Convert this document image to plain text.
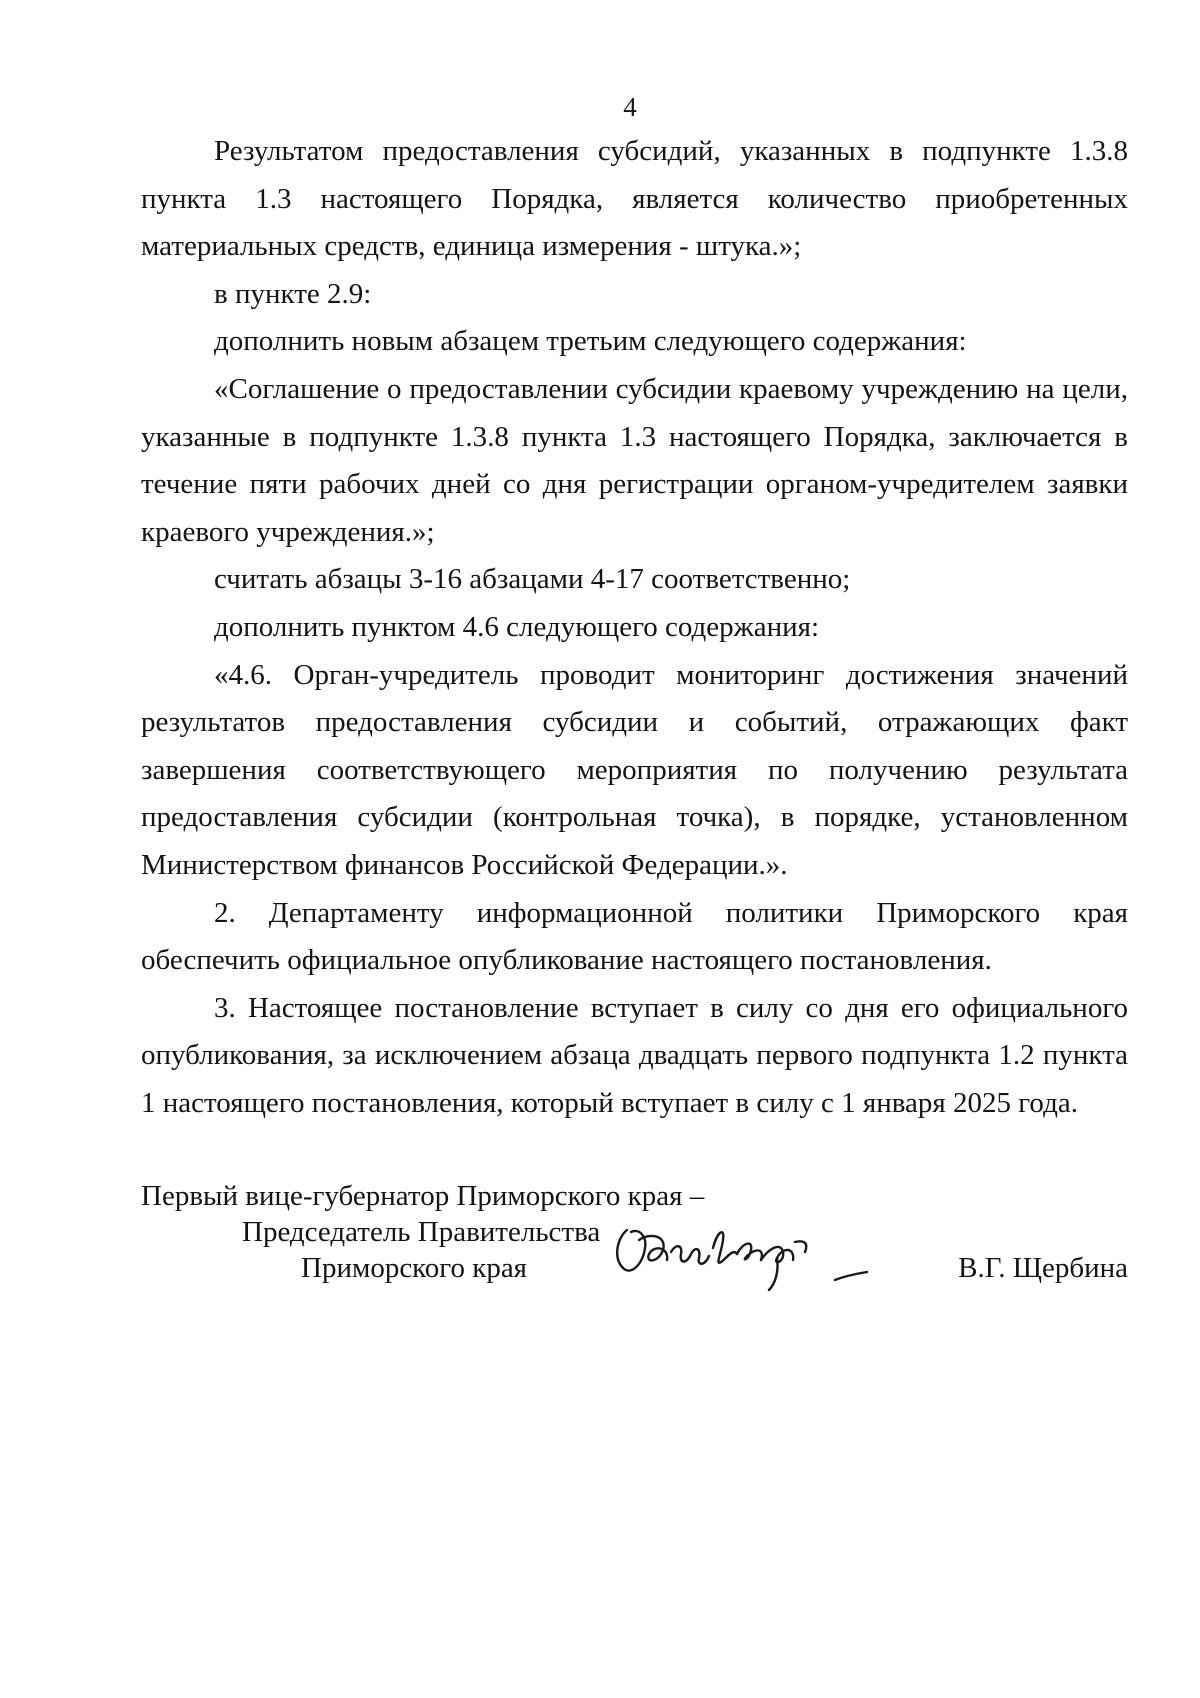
4

Результатом предоставления субсидий, указанных в подпункте 1.3.8 пункта 1.3 настоящего Порядка, является количество приобретенных материальных средств, единица измерения - штука.»;

в пункте 2.9:

дополнить новым абзацем третьим следующего содержания:

«Соглашение о предоставлении субсидии краевому учреждению на цели, указанные в подпункте 1.3.8 пункта 1.3 настоящего Порядка, заключается в течение пяти рабочих дней со дня регистрации органом-учредителем заявки краевого учреждения.»;

считать абзацы 3-16 абзацами 4-17 соответственно;

дополнить пунктом 4.6 следующего содержания:

«4.6. Орган-учредитель проводит мониторинг достижения значений результатов предоставления субсидии и событий, отражающих факт завершения соответствующего мероприятия по получению результата предоставления субсидии (контрольная точка), в порядке, установленном Министерством финансов Российской Федерации.».

2. Департаменту информационной политики Приморского края обеспечить официальное опубликование настоящего постановления.

3. Настоящее постановление вступает в силу со дня его официального опубликования, за исключением абзаца двадцать первого подпункта 1.2 пункта 1 настоящего постановления, который вступает в силу с 1 января 2025 года.

Первый вице-губернатор Приморского края –
Председатель Правительства
Приморского края	В.Г. Щербина
